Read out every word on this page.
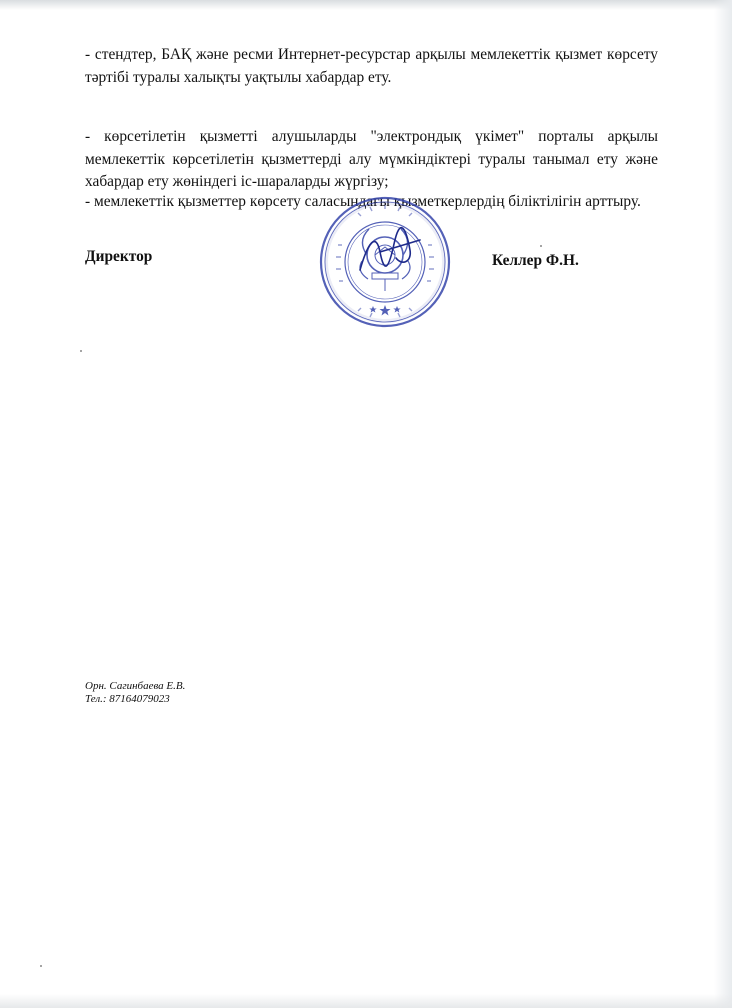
- стендтер, БАҚ және ресми Интернет-ресурстар арқылы мемлекеттік қызмет көрсету тәртібі туралы халықты уақтылы хабардар ету.

- көрсетілетін қызметті алушыларды "электрондық үкімет" порталы арқылы мемлекеттік көрсетілетін қызметтерді алу мүмкіндіктері туралы танымал ету және хабардар ету жөніндегі іс-шараларды жүргізу;

- мемлекеттік қызметтер көрсету саласындағы қызметкерлердің біліктілігін арттыру.

Директор	Келлер Ф.Н.
Орн. Сагинбаева Е.В.
Тел.: 87164079023
